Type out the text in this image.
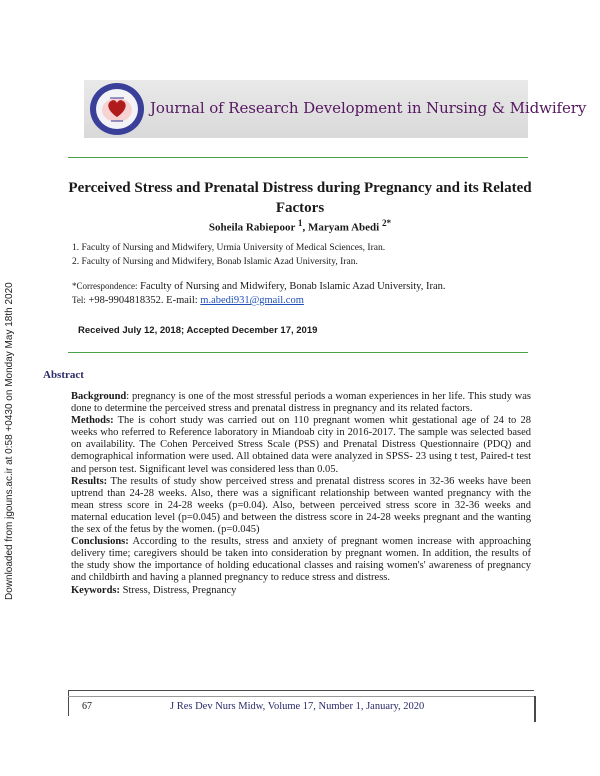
Downloaded from jgouns.ac.ir at 0:58 +0430 on Monday May 18th 2020
Journal of Research Development in Nursing & Midwifery
Perceived Stress and Prenatal Distress during Pregnancy and its Related Factors
Soheila Rabiepoor $^1$, Maryam Abedi $^{2*}$
1. Faculty of Nursing and Midwifery, Urmia University of Medical Sciences, Iran.
2. Faculty of Nursing and Midwifery, Bonab Islamic Azad University, Iran.
*Correspondence: Faculty of Nursing and Midwifery, Bonab Islamic Azad University, Iran.
Tel: +98-9904818352. E-mail: m.abedi931@gmail.com
Received July 12, 2018; Accepted December 17, 2019
Abstract

Background: pregnancy is one of the most stressful periods a woman experiences in her life. This study was done to determine the perceived stress and prenatal distress in pregnancy and its related factors.

Methods: The is cohort study was carried out on 110 pregnant women whit gestational age of 24 to 28 weeks who referred to Reference laboratory in Miandoab city in 2016-2017. The sample was selected based on availability. The Cohen Perceived Stress Scale (PSS) and Prenatal Distress Questionnaire (PDQ) and demographical information were used. All obtained data were analyzed in SPSS- 23 using t test, Paired-t test and person test. Significant level was considered less than 0.05.

Results: The results of study show perceived stress and prenatal distress scores in 32-36 weeks have been uptrend than 24-28 weeks. Also, there was a significant relationship between wanted pregnancy with the mean stress score in 24-28 weeks (p=0.04). Also, between perceived stress score in 32-36 weeks and maternal education level (p=0.045) and between the distress score in 24-28 weeks pregnant and the wanting the sex of the fetus by the women. (p=0.045)

Conclusions: According to the results, stress and anxiety of pregnant women increase with approaching delivery time; caregivers should be taken into consideration by pregnant women. In addition, the results of the study show the importance of holding educational classes and raising women's' awareness of pregnancy and childbirth and having a planned pregnancy to reduce stress and distress.

Keywords: Stress, Distress, Pregnancy

67	J Res Dev Nurs Midw, Volume 17, Number 1, January, 2020
